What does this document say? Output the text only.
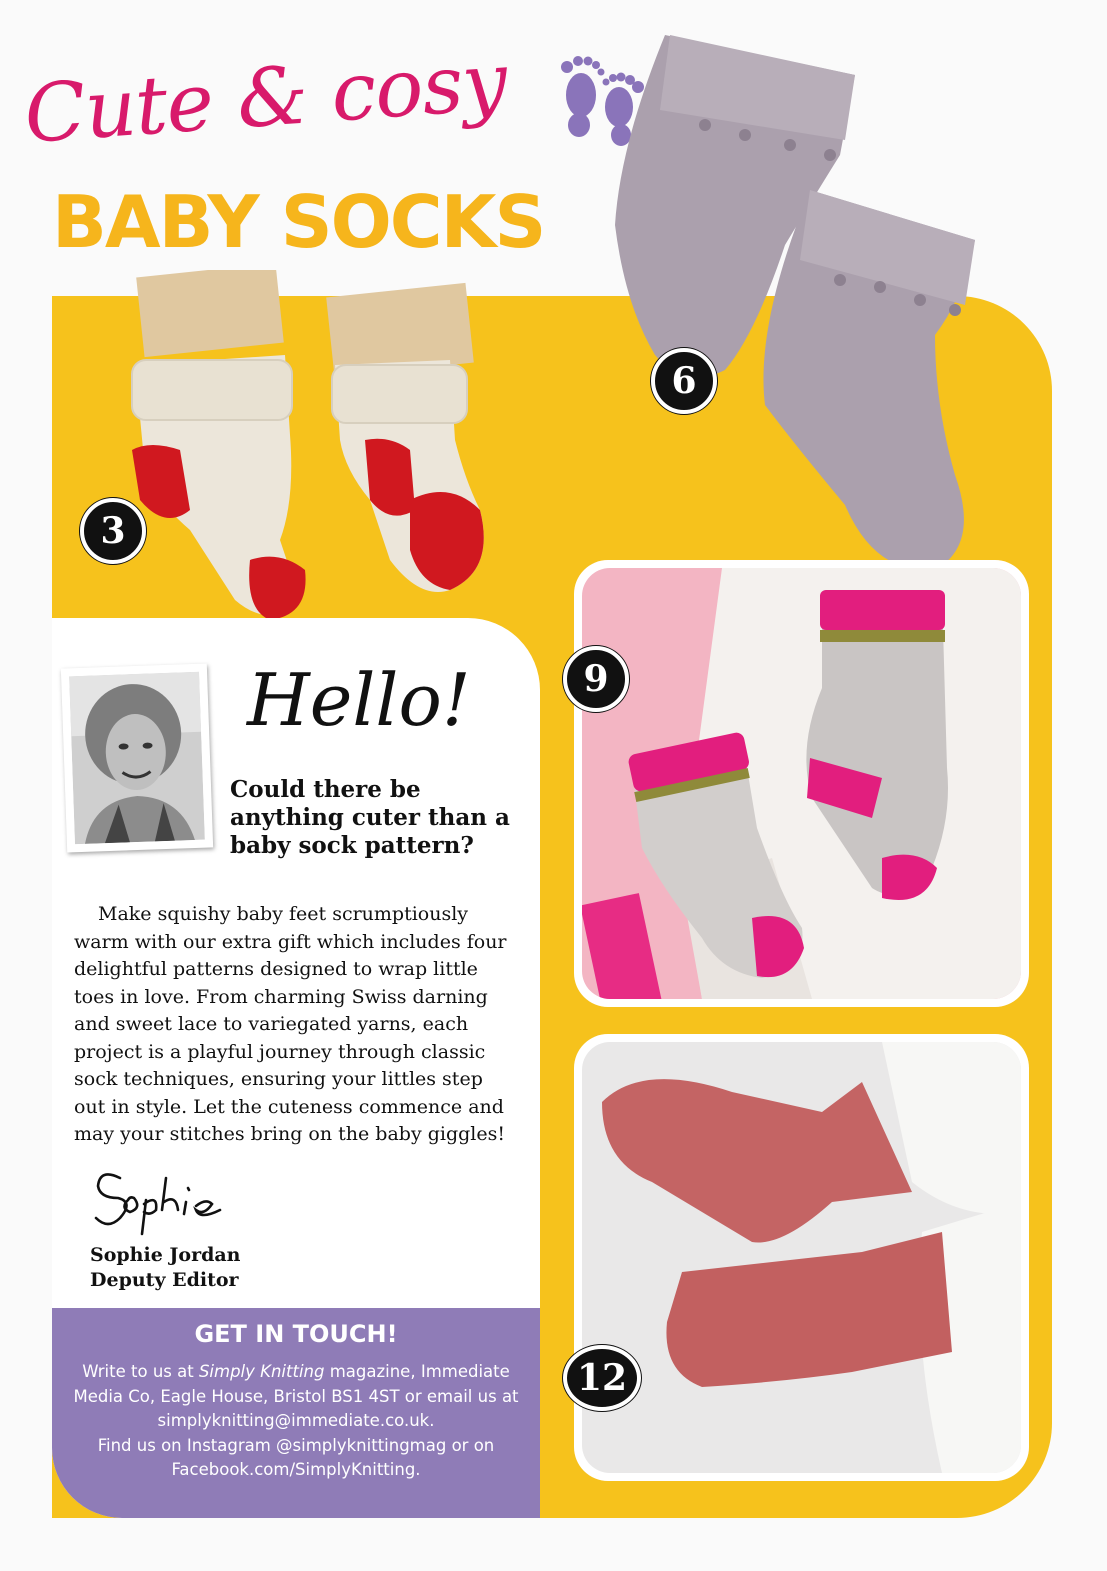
Cute & cosy
BABY SOCKS
3
6
9
12
Hello!
Could there be anything cuter than a baby sock pattern?
Make squishy baby feet scrumptiously warm with our extra gift which includes four delightful patterns designed to wrap little toes in love. From charming Swiss darning and sweet lace to variegated yarns, each project is a playful journey through classic sock techniques, ensuring your littles step out in style. Let the cuteness commence and may your stitches bring on the baby giggles!
Sophie Jordan
Deputy Editor
GET IN TOUCH!
Write to us at Simply Knitting magazine, Immediate Media Co, Eagle House, Bristol BS1 4ST or email us at simplyknitting@immediate.co.uk.
Find us on Instagram @simplyknittingmag or on Facebook.com/SimplyKnitting.
